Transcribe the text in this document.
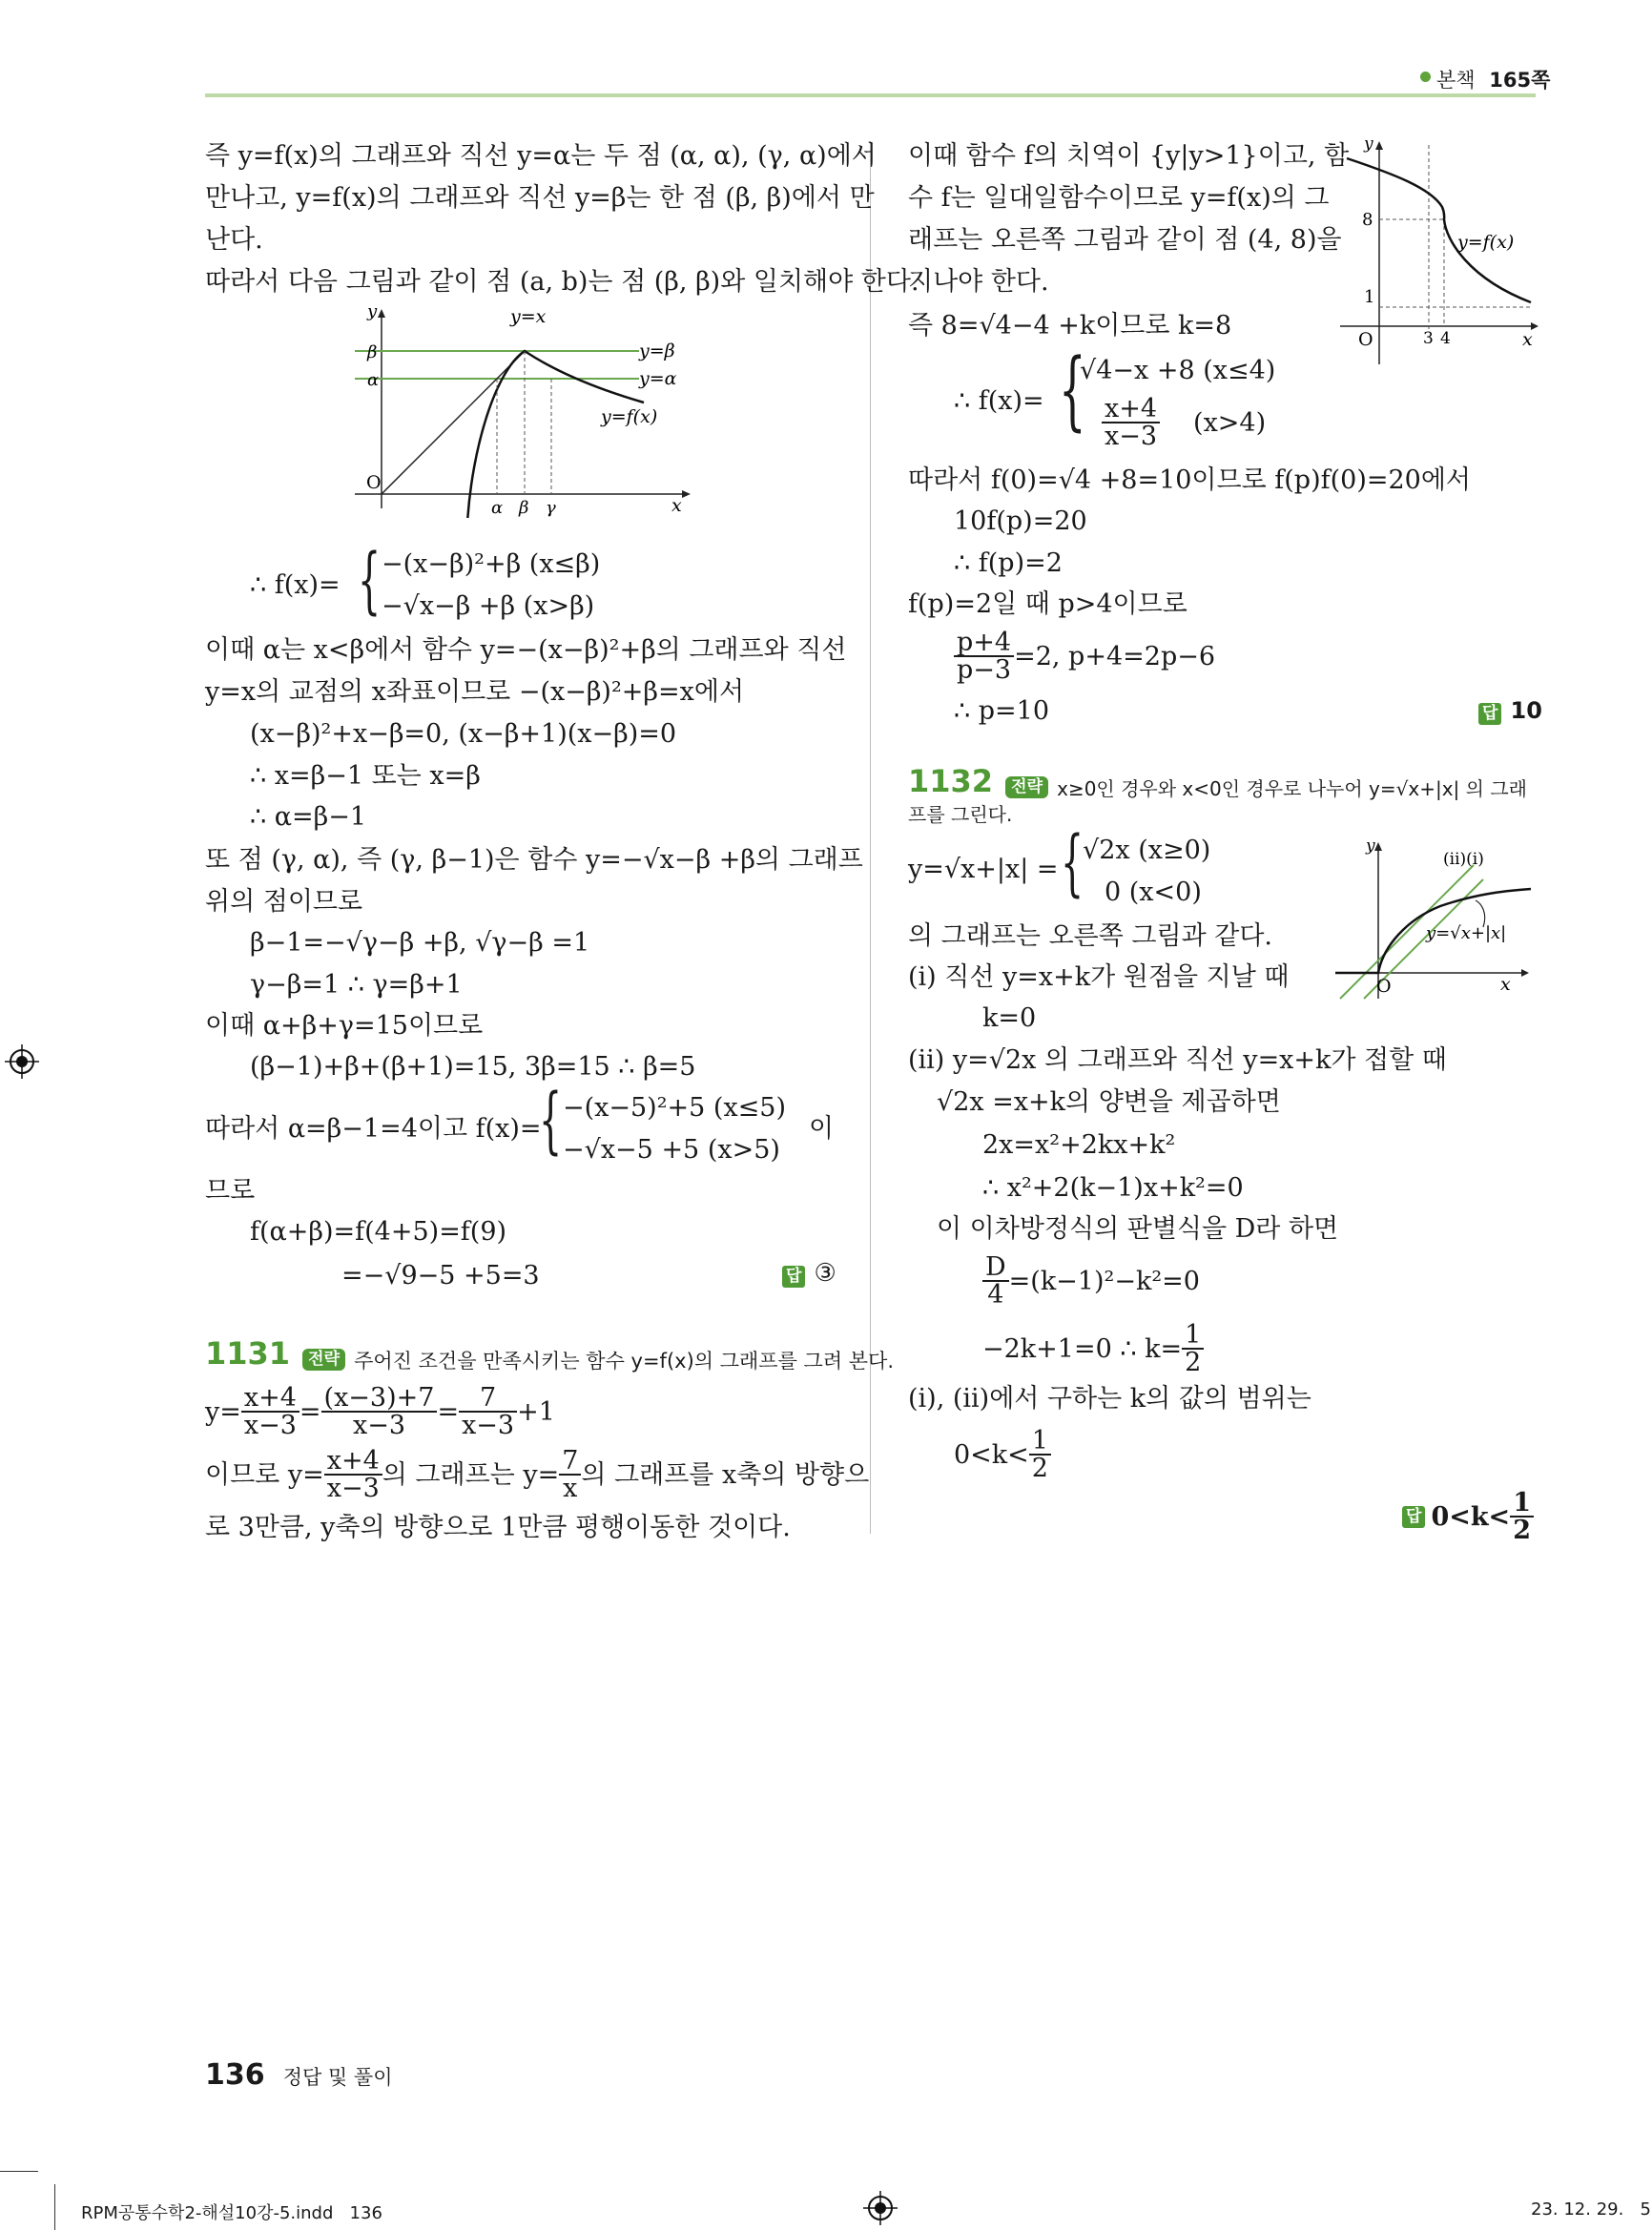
본책 165쪽
즉 y=f(x)의 그래프와 직선 y=α는 두 점 (α, α), (γ, α)에서
만나고, y=f(x)의 그래프와 직선 y=β는 한 점 (β, β)에서 만
난다.
따라서 다음 그림과 같이 점 (a, b)는 점 (β, β)와 일치해야 한다.
y	y=x
y=β
y=α
y=f(x)
β
α
O
α β γ	x
∴ f(x)= { −(x−β)²+β (x≤β)
−√x−β +β (x>β)
이때 α는 x<β에서 함수 y=−(x−β)²+β의 그래프와 직선
y=x의 교점의 x좌표이므로 −(x−β)²+β=x에서
(x−β)²+x−β=0, (x−β+1)(x−β)=0
∴ x=β−1 또는 x=β
∴ α=β−1
또 점 (γ, α), 즉 (γ, β−1)은 함수 y=−√x−β +β의 그래프
위의 점이므로
β−1=−√γ−β +β, √γ−β =1
γ−β=1 ∴ γ=β+1
이때 α+β+γ=15이므로
(β−1)+β+(β+1)=15, 3β=15 ∴ β=5
따라서 α=β−1=4이고 f(x)=
{ −(x−5)²+5 (x≤5)
−√x−5 +5 (x>5)
이
므로
f(α+β)=f(4+5)=f(9)
=−√9−5 +5=3	답 ③
1131 전략 주어진 조건을 만족시키는 함수 y=f(x)의 그래프를 그려 본다.
$y= \frac{x+4}{x-3} = \frac{(x-3)+7}{x-3} = \frac{7}{x-3} +1$
이므로 $y= \frac{x+4}{x-3}$ 의 그래프는 $y= \frac{7}{x}$ 의 그래프를 x축의 방향으
로 3만큼, y축의 방향으로 1만큼 평행이동한 것이다.
이때 함수 f의 치역이 {y|y>1}이고, 함
수 f는 일대일함수이므로 y=f(x)의 그
래프는 오른쪽 그림과 같이 점 (4, 8)을
지나야 한다.
y
8
1
O	3 4	x
y=f(x)
즉 8=√4−4 +k이므로 k=8
∴ f(x)= {
√4−x +8 (x≤4)
$\frac{x+4}{x-3} (x>4)$
따라서 f(0)=√4 +8=10이므로 f(p)f(0)=20에서
10f(p)=20
∴ f(p)=2
f(p)=2일 때 p>4이므로
$\frac{p+4}{p-3} =2$, p+4=2p−6
∴ p=10	답 10
1132 전략 x≥0인 경우와 x<0인 경우로 나누어 y=√x+|x| 의 그래
프를 그린다.
y=√x+|x| = {
√2x (x≥0)
0 (x<0)
y
(ii)(i)
y=√x+|x|
O	x
의 그래프는 오른쪽 그림과 같다.
(i) 직선 y=x+k가 원점을 지날 때
k=0
(ii) y=√2x 의 그래프와 직선 y=x+k가 접할 때
√2x =x+k의 양변을 제곱하면
2x=x²+2kx+k²
∴ x²+2(k−1)x+k²=0
이 이차방정식의 판별식을 D라 하면
$\frac{D}{4} =(k-1)^2-k^2=0$
−2k+1=0 ∴ $k= \frac{1}{2}$
(i), (ii)에서 구하는 k의 값의 범위는
$0<k< \frac{1}{2}$
답 $0<k< \frac{1}{2}$
136 정답 및 풀이
RPM공통수학2-해설10강-5.indd   136	23. 12. 29.   5
